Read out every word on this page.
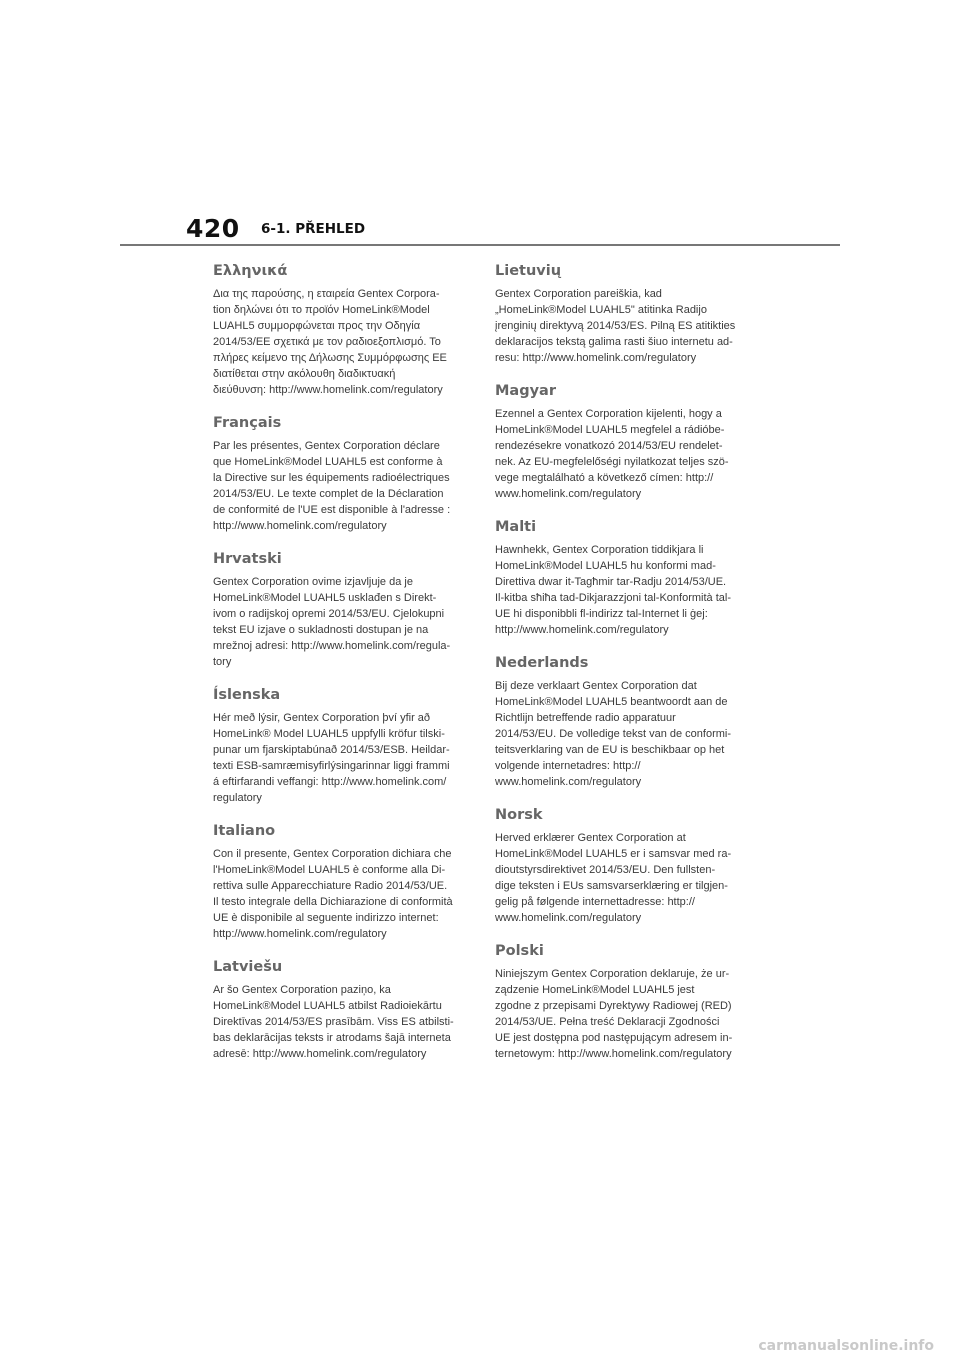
420 6-1. PŘEHLED
Ελληνικά

Δια της παρούσης, η εταιρεία Gentex Corpora-
tion δηλώνει ότι το προϊόν HomeLink®Model
LUAHL5 συμμορφώνεται προς την Οδηγία
2014/53/ΕΕ σχετικά με τον ραδιοεξοπλισμό. Το
πλήρες κείμενο της Δήλωσης Συμμόρφωσης ΕΕ
διατίθεται στην ακόλουθη διαδικτυακή
διεύθυνση: http://www.homelink.com/regulatory

Français

Par les présentes, Gentex Corporation déclare
que HomeLink®Model LUAHL5 est conforme à
la Directive sur les équipements radioélectriques
2014/53/EU. Le texte complet de la Déclaration
de conformité de l'UE est disponible à l'adresse :
http://www.homelink.com/regulatory

Hrvatski

Gentex Corporation ovime izjavljuje da je
HomeLink®Model LUAHL5 usklađen s Direkt-
ivom o radijskoj opremi 2014/53/EU. Cjelokupni
tekst EU izjave o sukladnosti dostupan je na
mrežnoj adresi: http://www.homelink.com/regula-
tory

Íslenska

Hér með lýsir, Gentex Corporation því yfir að
HomeLink® Model LUAHL5 uppfylli kröfur tilski-
punar um fjarskiptabúnað 2014/53/ESB. Heildar-
texti ESB-samræmisyfirlýsingarinnar liggi frammi
á eftirfarandi veffangi: http://www.homelink.com/
regulatory

Italiano

Con il presente, Gentex Corporation dichiara che
l'HomeLink®Model LUAHL5 è conforme alla Di-
rettiva sulle Apparecchiature Radio 2014/53/UE.
Il testo integrale della Dichiarazione di conformità
UE è disponibile al seguente indirizzo internet:
http://www.homelink.com/regulatory

Latviešu

Ar šo Gentex Corporation paziņo, ka
HomeLink®Model LUAHL5 atbilst Radioiekārtu
Direktīvas 2014/53/ES prasībām. Viss ES atbilsti-
bas deklarācijas teksts ir atrodams šajā interneta
adresē: http://www.homelink.com/regulatory

Lietuvių

Gentex Corporation pareiškia, kad
„HomeLink®Model LUAHL5" atitinka Radijo
įrenginių direktyvą 2014/53/ES. Pilną ES atitikties
deklaracijos tekstą galima rasti šiuo internetu ad-
resu: http://www.homelink.com/regulatory

Magyar

Ezennel a Gentex Corporation kijelenti, hogy a
HomeLink®Model LUAHL5 megfelel a rádióbe-
rendezésekre vonatkozó 2014/53/EU rendelet-
nek. Az EU-megfelelőségi nyilatkozat teljes szö-
vege megtalálható a következő címen: http://
www.homelink.com/regulatory

Malti

Hawnhekk, Gentex Corporation tiddikjara li
HomeLink®Model LUAHL5 hu konformi mad-
Direttiva dwar it-Tagħmir tar-Radju 2014/53/UE.
Il-kitba sħiħa tad-Dikjarazzjoni tal-Konformità tal-
UE hi disponibbli fl-indirizz tal-Internet li ġej:
http://www.homelink.com/regulatory

Nederlands

Bij deze verklaart Gentex Corporation dat
HomeLink®Model LUAHL5 beantwoordt aan de
Richtlijn betreffende radio apparatuur
2014/53/EU. De volledige tekst van de conformi-
teitsverklaring van de EU is beschikbaar op het
volgende internetadres: http://
www.homelink.com/regulatory

Norsk

Herved erklærer Gentex Corporation at
HomeLink®Model LUAHL5 er i samsvar med ra-
dioutstyrsdirektivet 2014/53/EU. Den fullsten-
dige teksten i EUs samsvarserklæring er tilgjen-
gelig på følgende internettadresse: http://
www.homelink.com/regulatory

Polski

Niniejszym Gentex Corporation deklaruje, że ur-
ządzenie HomeLink®Model LUAHL5 jest
zgodne z przepisami Dyrektywy Radiowej (RED)
2014/53/UE. Pełna treść Deklaracji Zgodności
UE jest dostępna pod następującym adresem in-
ternetowym: http://www.homelink.com/regulatory

carmanualsonline.info
